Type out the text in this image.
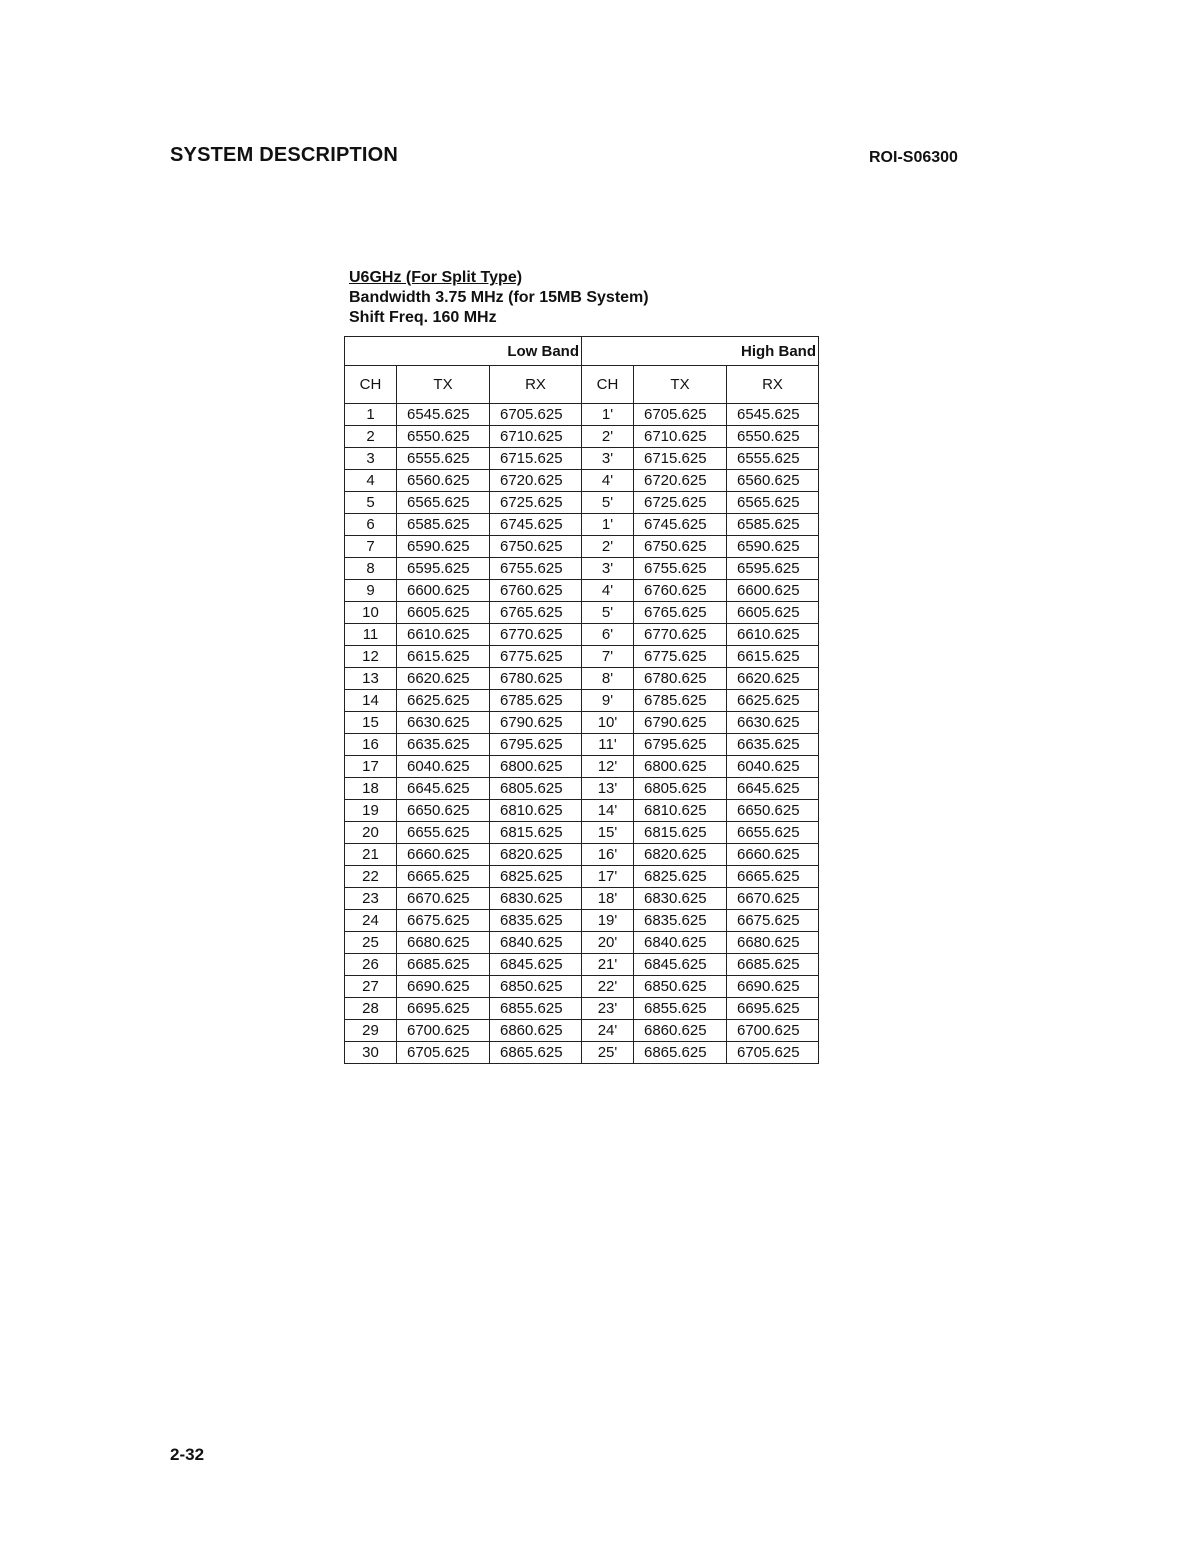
SYSTEM DESCRIPTION	ROI-S06300
U6GHz (For Split Type)
Bandwidth 3.75 MHz (for 15MB System)
Shift Freq. 160 MHz
Low Band			High Band		
CH	TX	RX	CH	TX	RX
1	6545.625	6705.625	1'	6705.625	6545.625
2	6550.625	6710.625	2'	6710.625	6550.625
3	6555.625	6715.625	3'	6715.625	6555.625
4	6560.625	6720.625	4'	6720.625	6560.625
5	6565.625	6725.625	5'	6725.625	6565.625
6	6585.625	6745.625	1'	6745.625	6585.625
7	6590.625	6750.625	2'	6750.625	6590.625
8	6595.625	6755.625	3'	6755.625	6595.625
9	6600.625	6760.625	4'	6760.625	6600.625
10	6605.625	6765.625	5'	6765.625	6605.625
11	6610.625	6770.625	6'	6770.625	6610.625
12	6615.625	6775.625	7'	6775.625	6615.625
13	6620.625	6780.625	8'	6780.625	6620.625
14	6625.625	6785.625	9'	6785.625	6625.625
15	6630.625	6790.625	10'	6790.625	6630.625
16	6635.625	6795.625	11'	6795.625	6635.625
17	6040.625	6800.625	12'	6800.625	6040.625
18	6645.625	6805.625	13'	6805.625	6645.625
19	6650.625	6810.625	14'	6810.625	6650.625
20	6655.625	6815.625	15'	6815.625	6655.625
21	6660.625	6820.625	16'	6820.625	6660.625
22	6665.625	6825.625	17'	6825.625	6665.625
23	6670.625	6830.625	18'	6830.625	6670.625
24	6675.625	6835.625	19'	6835.625	6675.625
25	6680.625	6840.625	20'	6840.625	6680.625
26	6685.625	6845.625	21'	6845.625	6685.625
27	6690.625	6850.625	22'	6850.625	6690.625
28	6695.625	6855.625	23'	6855.625	6695.625
29	6700.625	6860.625	24'	6860.625	6700.625
30	6705.625	6865.625	25'	6865.625	6705.625
2-32
